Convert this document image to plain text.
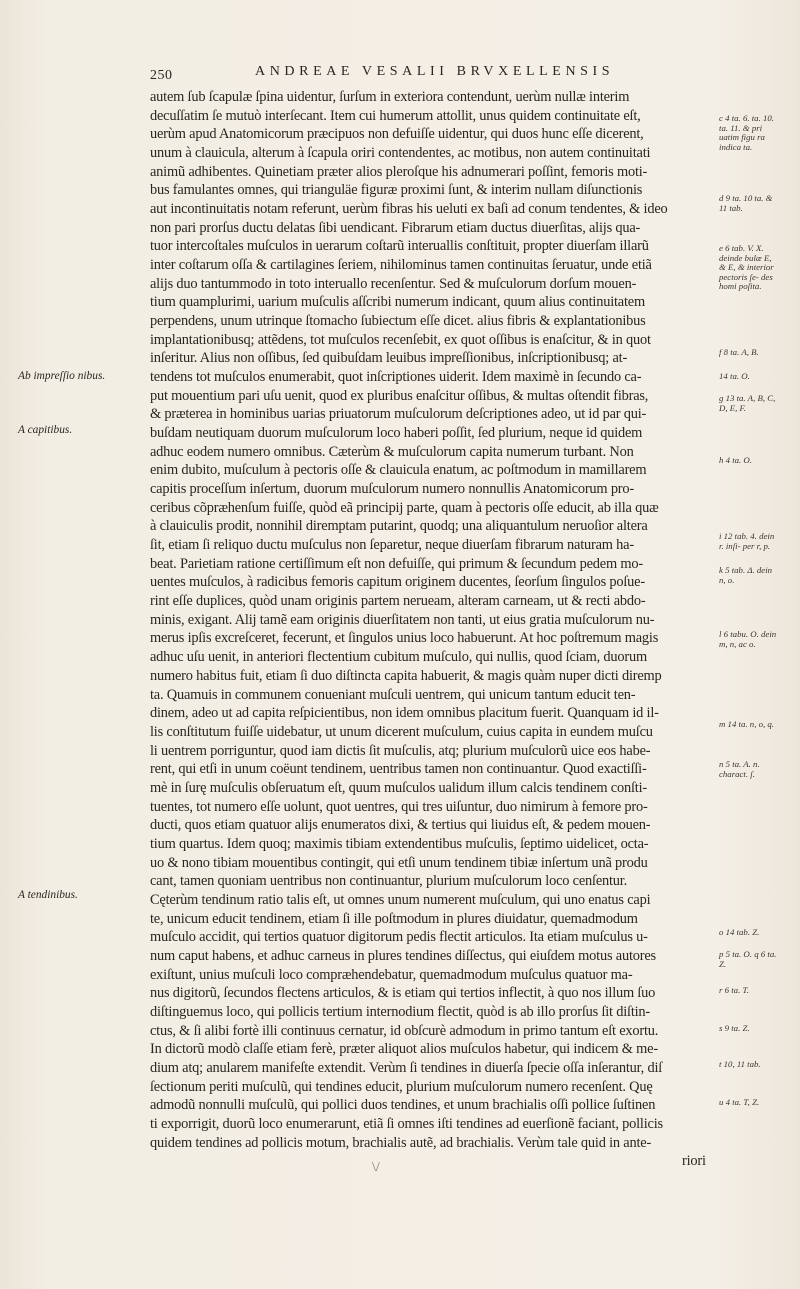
250	ANDREAE VESALII BRVXELLENSIS
autem ſub ſcapulæ ſpina uidentur, ſurſum in exteriora contendunt, uerùm nullæ interim
decuſſatim ſe mutuò interſecant. Item cui humerum attollit, unus quidem continuitate eſt,
uerùm apud Anatomicorum præcipuos non defuiſſe uidentur, qui duos hunc eſſe dicerent,
unum à clauicula, alterum à ſcapula oriri contendentes, ac motibus, non autem continuitati
animũ adhibentes. Quinetiam præter alios pleroſque his adnumerari poſſint, femoris moti-
bus famulantes omnes, qui trianguläe figuræ proximi ſunt, & interim nullam diſunctionis
aut incontinuitatis notam referunt, uerùm fibras his ueluti ex baſi ad conum tendentes, & ideo
non pari prorſus ductu delatas ſibi uendicant. Fibrarum etiam ductus diuerſitas, alijs qua-
tuor intercoſtales muſculos in uerarum coſtarũ interuallis conſtituit, propter diuerſam illarũ
inter coſtarum oſſa & cartilagines ſeriem, nihilominus tamen continuitas ſeruatur, unde etiã
alijs duo tantummodo in toto interuallo recenſentur. Sed & muſculorum dorſum mouen-
tium quamplurimi, uarium muſculis aſſcribi numerum indicant, quum alius continuitatem
perpendens, unum utrinque ſtomacho ſubiectum eſſe dicet. alius fibris & explantationibus
implantationibusq; attẽdens, tot muſculos recenſebit, ex quot oſſibus is enaſcitur, & in quot
inſeritur. Alius non oſſibus, ſed quibuſdam leuibus impreſſionibus, inſcriptionibusq; at-
tendens tot muſculos enumerabit, quot inſcriptiones uiderit. Idem maximè in ſecundo ca-
put mouentium pari uſu uenit, quod ex pluribus enaſcitur oſſibus, & multas oſtendit fibras,
& præterea in hominibus uarias priuatorum muſculorum deſcriptiones adeo, ut id par qui-
buſdam neutiquam duorum muſculorum loco haberi poſſit, ſed plurium, neque id quidem
adhuc eodem numero omnibus. Cæterùm & muſculorum capita numerum turbant. Non
enim dubito, muſculum à pectoris oſſe & clauicula enatum, ac poſtmodum in mamillarem
capitis proceſſum inſertum, duorum muſculorum numero nonnullis Anatomicorum pro-
ceribus cõpræhenſum fuiſſe, quòd eã principij parte, quam à pectoris oſſe educit, ab illa quæ
à clauiculis prodit, nonnihil diremptam putarint, quodq; una aliquantulum neruoſior altera
ſit, etiam ſi reliquo ductu muſculus non ſeparetur, neque diuerſam fibrarum naturam ha-
beat. Parietiam ratione certiſſimum eſt non defuiſſe, qui primum & ſecundum pedem mo-
uentes muſculos, à radicibus femoris capitum originem ducentes, ſeorſum ſingulos poſue-
rint eſſe duplices, quòd unam originis partem nerueam, alteram carneam, ut & recti abdo-
minis, exigant. Alij tamẽ eam originis diuerſitatem non tanti, ut eius gratia muſculorum nu-
merus ipſis excreſceret, fecerunt, et ſingulos unius loco habuerunt. At hoc poſtremum magis
adhuc uſu uenit, in anteriori flectentium cubitum muſculo, qui nullis, quod ſciam, duorum
numero habitus fuit, etiam ſi duo diſtincta capita habuerit, & magis quàm nuper dicti diremp
ta. Quamuis in communem conueniant muſculi uentrem, qui unicum tantum educit ten-
dinem, adeo ut ad capita reſpicientibus, non idem omnibus placitum fuerit. Quanquam id il-
lis conſtitutum fuiſſe uidebatur, ut unum dicerent muſculum, cuius capita in eundem muſcu
li uentrem porriguntur, quod iam dictis ſit muſculis, atq; plurium muſculorũ uice eos habe-
rent, qui etſi in unum coëunt tendinem, uentribus tamen non continuantur. Quod exactiſſi-
mè in ſurę muſculis obſeruatum eſt, quum muſculos ualidum illum calcis tendinem conſti-
tuentes, tot numero eſſe uolunt, quot uentres, qui tres uiſuntur, duo nimirum à femore pro-
ducti, quos etiam quatuor alijs enumeratos dixi, & tertius qui liuidus eſt, & pedem mouen-
tium quartus. Idem quoq; maximis tibiam extendentibus muſculis, ſeptimo uidelicet, octa-
uo & nono tibiam mouentibus contingit, qui etſi unum tendinem tibiæ inſertum unã produ
cant, tamen quoniam uentribus non continuantur, plurium muſculorum loco cenſentur.
Cęterùm tendinum ratio talis eſt, ut omnes unum numerent muſculum, qui uno enatus capi
te, unicum educit tendinem, etiam ſi ille poſtmodum in plures diuidatur, quemadmodum
muſculo accidit, qui tertios quatuor digitorum pedis flectit articulos. Ita etiam muſculus u-
num caput habens, et adhuc carneus in plures tendines diſſectus, qui eiuſdem motus autores
exiſtunt, unius muſculi loco compræhendebatur, quemadmodum muſculus quatuor ma-
nus digitorũ, ſecundos flectens articulos, & is etiam qui tertios inflectit, à quo nos illum ſuo
diſtinguemus loco, qui pollicis tertium internodium flectit, quòd is ab illo prorſus ſit diſtin-
ctus, & ſi alibi fortè illi continuus cernatur, id obſcurè admodum in primo tantum eſt exortu.
In dictorũ modò claſſe etiam ferè, præter aliquot alios muſculos habetur, qui indicem & me-
dium atq; anularem manifeſte extendit. Verùm ſi tendines in diuerſa ſpecie oſſa inſerantur, diſ
ſectionum periti muſculũ, qui tendines educit, plurium muſculorum numero recenſent. Quę
admodũ nonnulli muſculũ, qui pollici duos tendines, et unum brachialis oſſi pollice ſuſtinen
ti exporrigit, duorũ loco enumerarunt, etiã ſi omnes iſti tendines ad euerſionẽ faciant, pollicis
quidem tendines ad pollicis motum, brachialis autẽ, ad brachialis. Verùm tale quid in ante-
riori
Ab impreſſio nibus.
A capitibus.
A tendinibus.
c 4 ta. 6. ta. 10. ta. 11. & pri uatim figu ra indica ta.
d 9 ta. 10 ta. & 11 tab.
e 6 tab. V. X. deinde bulæ E, & E, & interior pectoris ſe- des homi poſita.
f 8 ta. A, B.
14 ta. O.
g 13 ta. A, B, C, D, E, F.
h 4 ta. O.
i 12 tab. 4. dein r. inſi- per r, p.
k 5 tab. Δ. dein n, o.
l 6 tabu. O. dein m, n, ac o.
m 14 ta. n, o, q.
n 5 ta. A. n. charact. ſ.
o 14 tab. Z.
p 5 ta. O. q 6 ta. Z.
r 6 ta. T.
s 9 ta. Z.
t 10, 11 tab.
u 4 ta. T, Z.
\/
